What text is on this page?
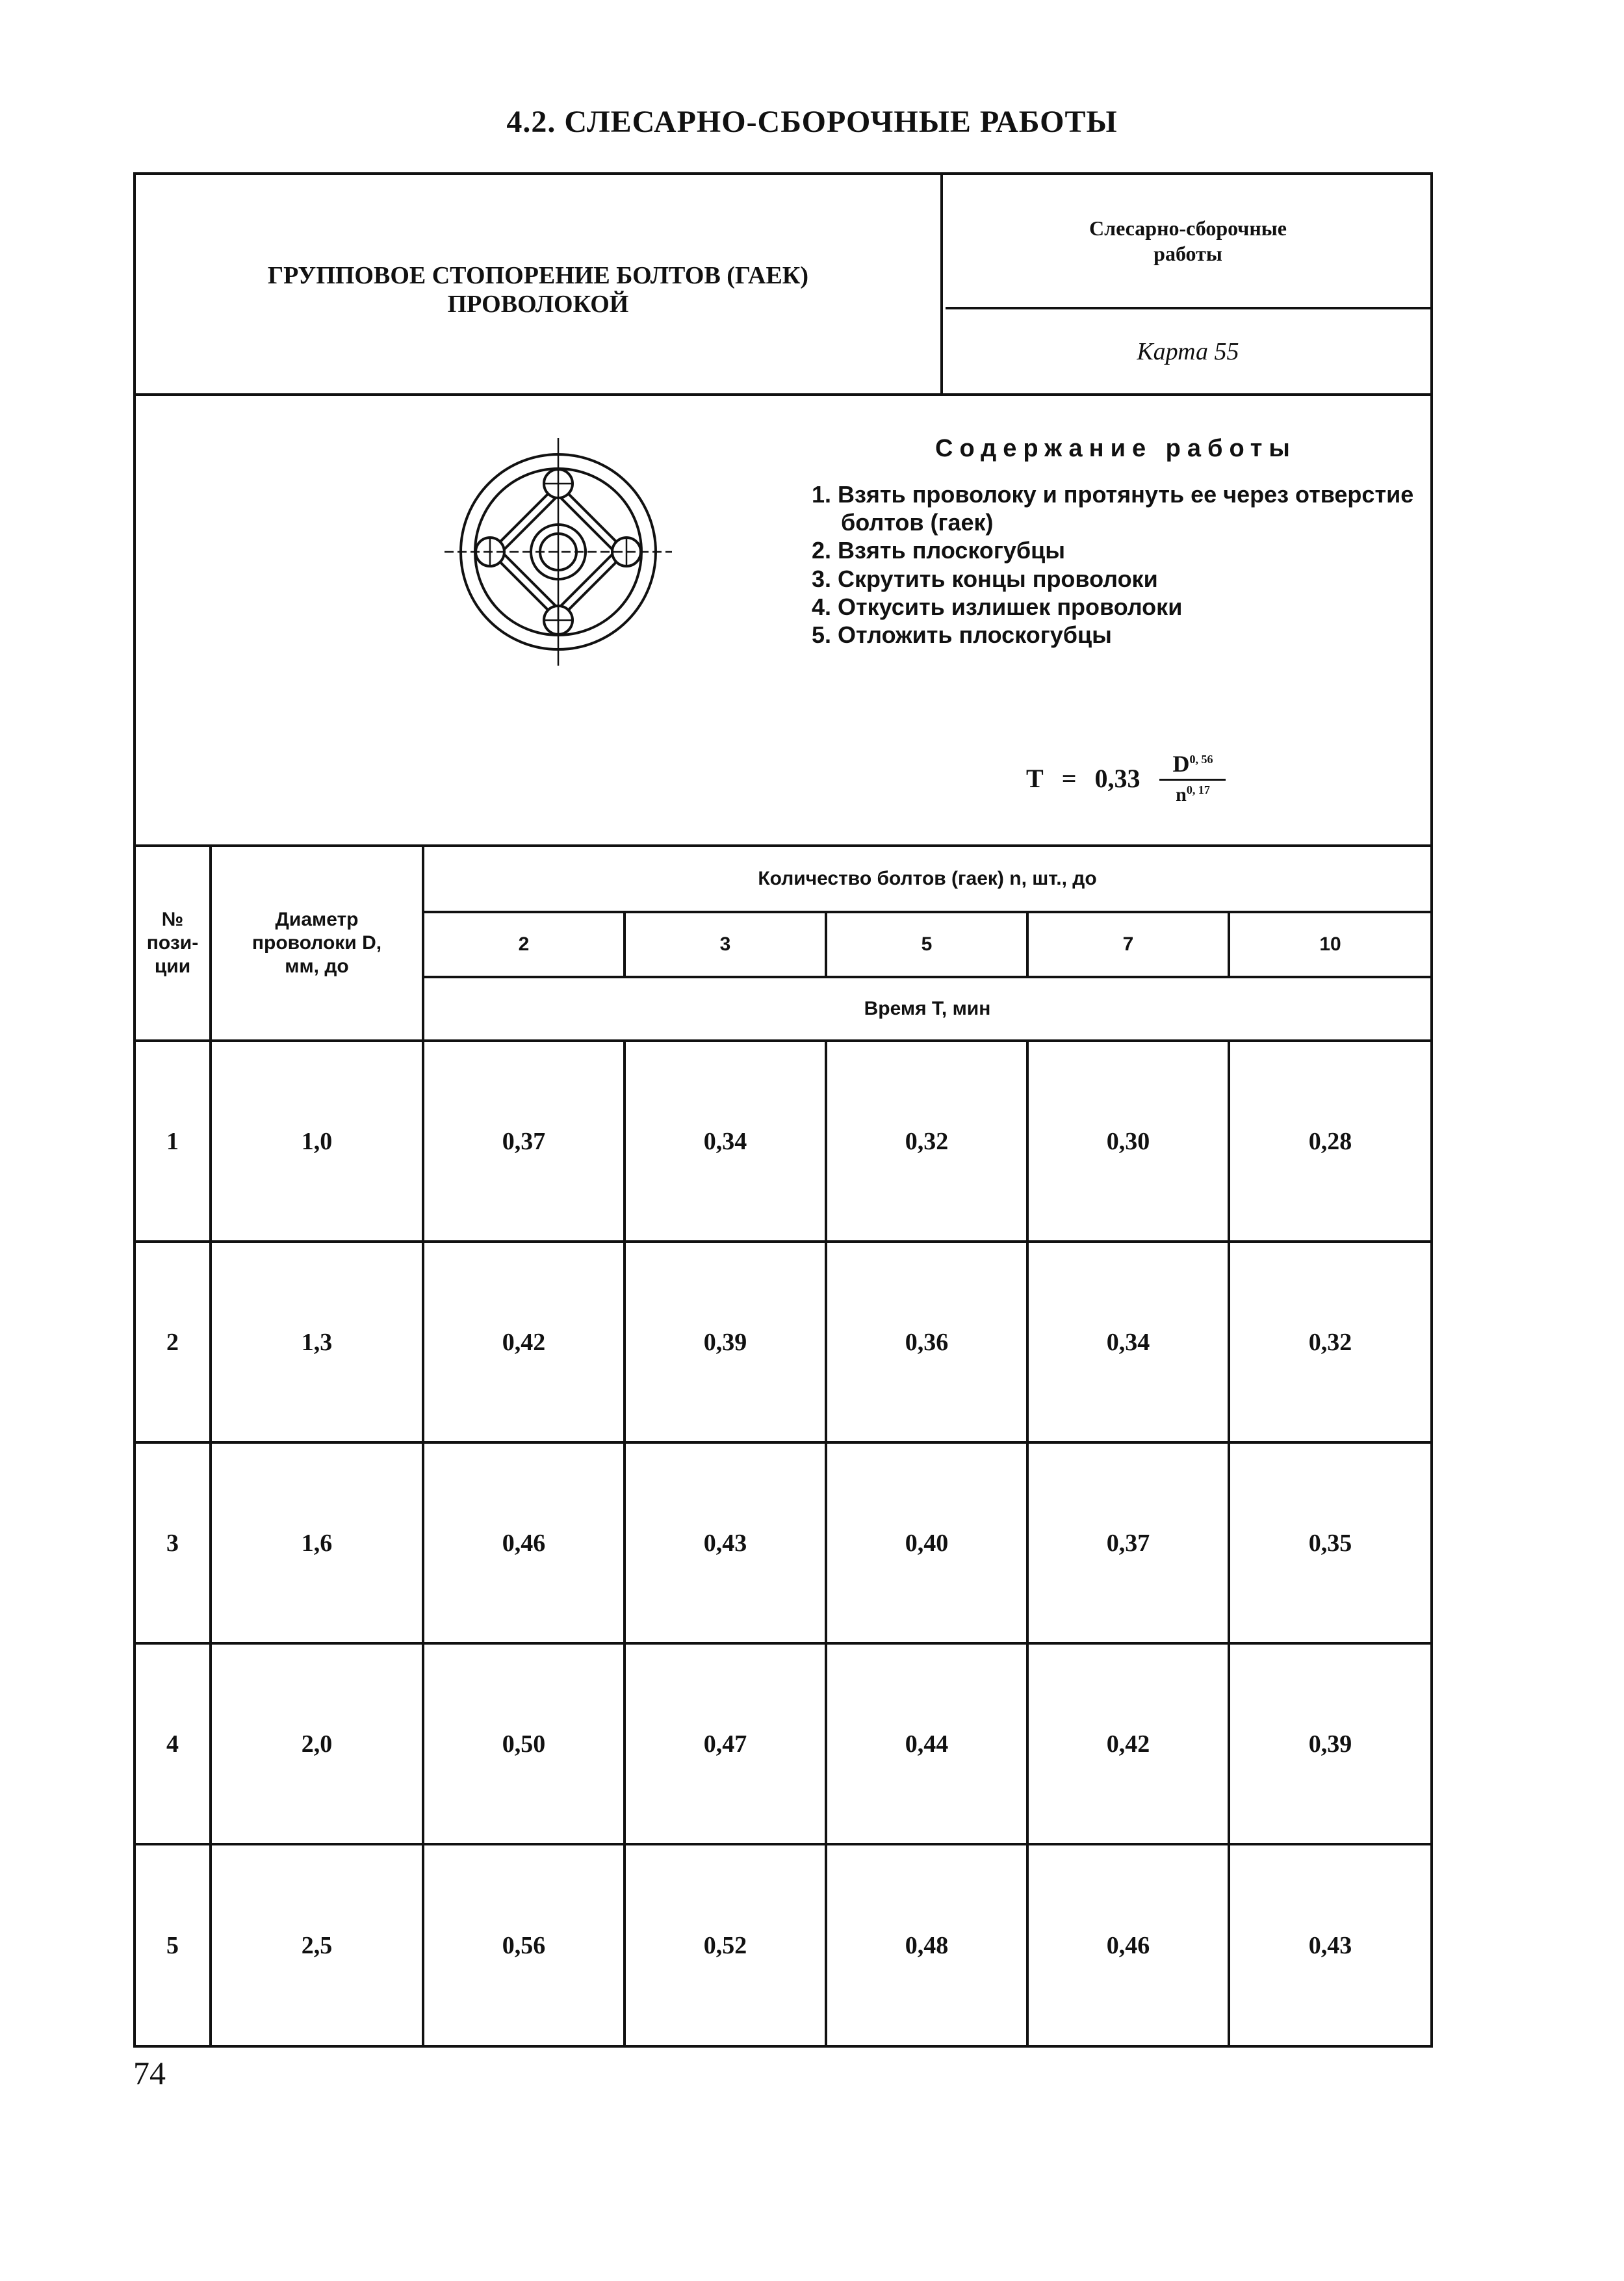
4.2. СЛЕСАРНО-СБОРОЧНЫЕ РАБОТЫ
ГРУППОВОЕ СТОПОРЕНИЕ БОЛТОВ (ГАЕК)
ПРОВОЛОКОЙ
Слесарно-сборочные
работы
Карта 55
Содержание работы
1. Взять проволоку и протянуть ее через отверстие болтов (гаек)
2. Взять плоскогубцы
3. Скрутить концы проволоки
4. Откусить излишек проволоки
5. Отложить плоскогубцы
$T = 0,33 \frac{D^{0, 56}}{n^{0, 17}}$
№ пози-ции	Диаметр проволоки D, мм, до	Количество болтов (гаек) n, шт., до				
		2	3	5	7	10
		Время T, мин				
1	1,0	0,37	0,34	0,32	0,30	0,28
2	1,3	0,42	0,39	0,36	0,34	0,32
3	1,6	0,46	0,43	0,40	0,37	0,35
4	2,0	0,50	0,47	0,44	0,42	0,39
5	2,5	0,56	0,52	0,48	0,46	0,43
74
